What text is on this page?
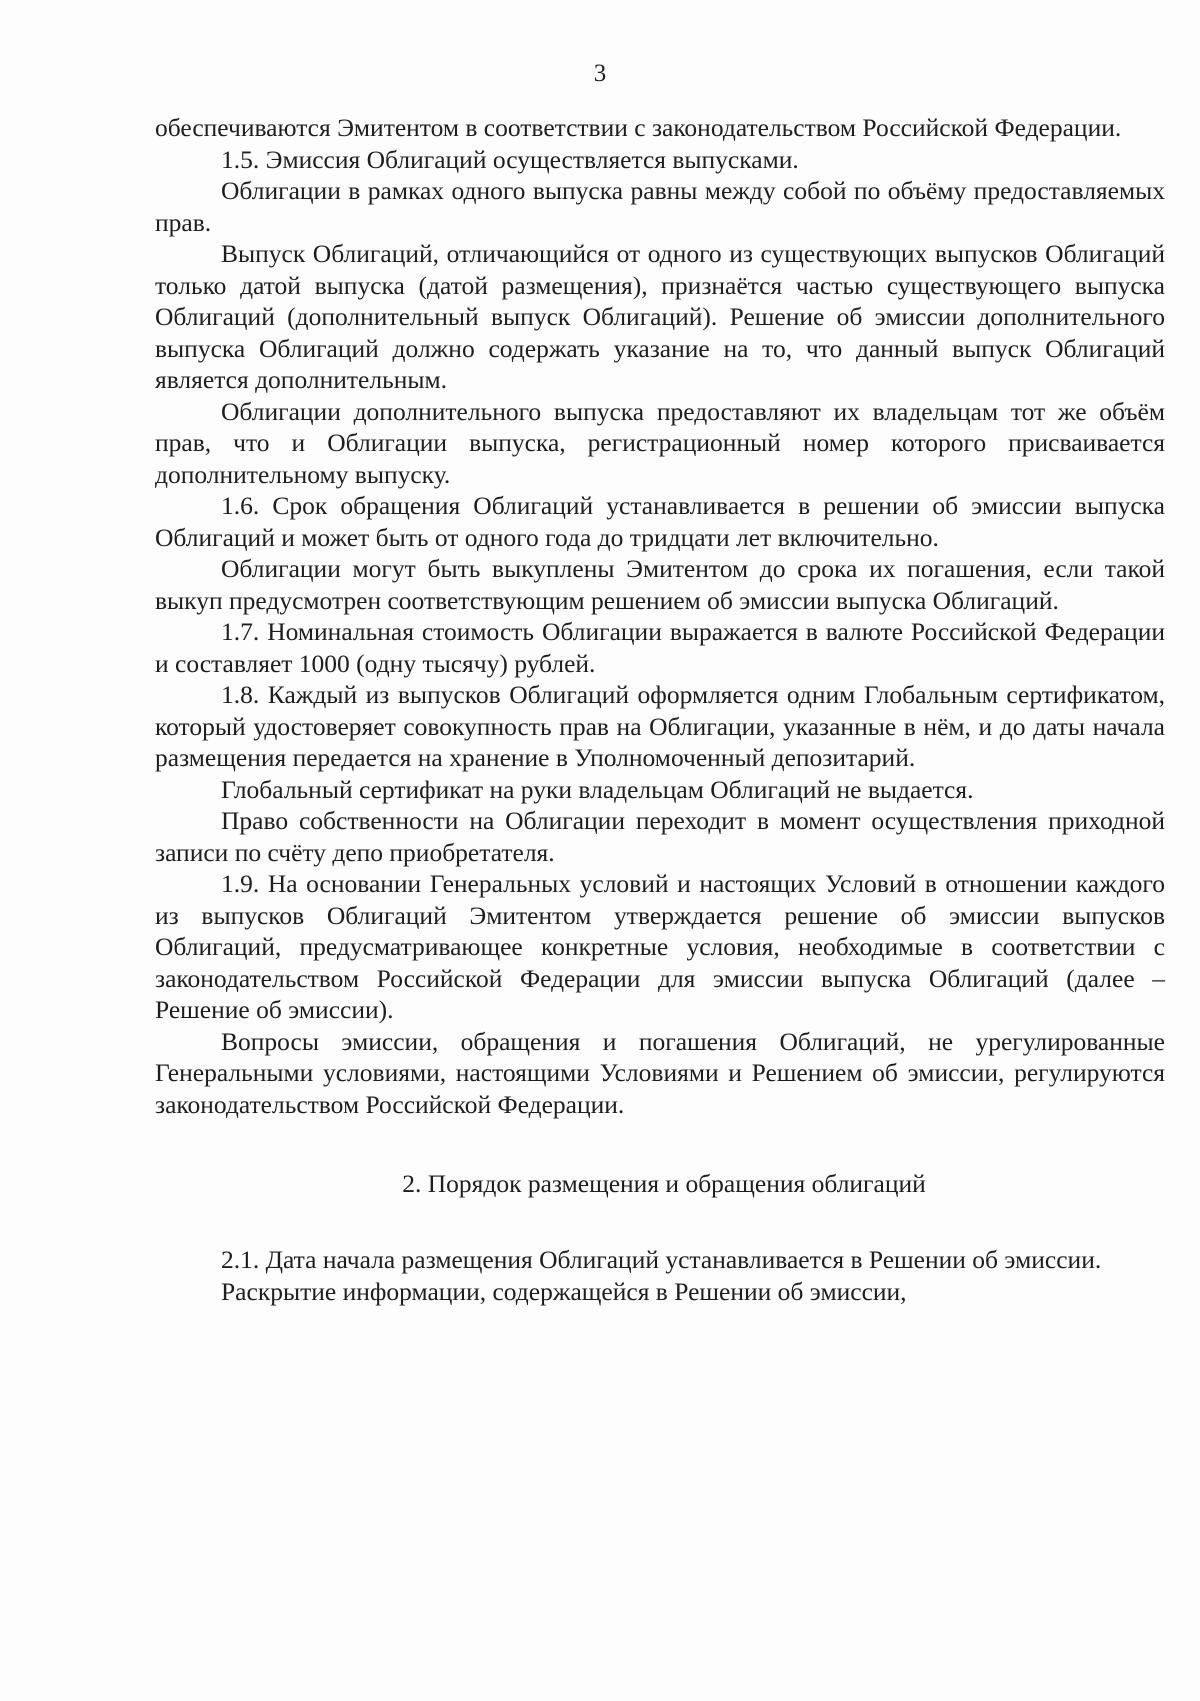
3

обеспечиваются Эмитентом в соответствии с законодательством Российской Федерации.

1.5. Эмиссия Облигаций осуществляется выпусками.

Облигации в рамках одного выпуска равны между собой по объёму предоставляемых прав.

Выпуск Облигаций, отличающийся от одного из существующих выпусков Облигаций только датой выпуска (датой размещения), признаётся частью существующего выпуска Облигаций (дополнительный выпуск Облигаций). Решение об эмиссии дополнительного выпуска Облигаций должно содержать указание на то, что данный выпуск Облигаций является дополнительным.

Облигации дополнительного выпуска предоставляют их владельцам тот же объём прав, что и Облигации выпуска, регистрационный номер которого присваивается дополнительному выпуску.

1.6. Срок обращения Облигаций устанавливается в решении об эмиссии выпуска Облигаций и может быть от одного года до тридцати лет включительно.

Облигации могут быть выкуплены Эмитентом до срока их погашения, если такой выкуп предусмотрен соответствующим решением об эмиссии выпуска Облигаций.

1.7. Номинальная стоимость Облигации выражается в валюте Российской Федерации и составляет 1000 (одну тысячу) рублей.

1.8. Каждый из выпусков Облигаций оформляется одним Глобальным сертификатом, который удостоверяет совокупность прав на Облигации, указанные в нём, и до даты начала размещения передается на хранение в Уполномоченный депозитарий.

Глобальный сертификат на руки владельцам Облигаций не выдается.

Право собственности на Облигации переходит в момент осуществления приходной записи по счёту депо приобретателя.

1.9. На основании Генеральных условий и настоящих Условий в отношении каждого из выпусков Облигаций Эмитентом утверждается решение об эмиссии выпусков Облигаций, предусматривающее конкретные условия, необходимые в соответствии с законодательством Российской Федерации для эмиссии выпуска Облигаций (далее – Решение об эмиссии).

Вопросы эмиссии, обращения и погашения Облигаций, не урегулированные Генеральными условиями, настоящими Условиями и Решением об эмиссии, регулируются законодательством Российской Федерации.

2. Порядок размещения и обращения облигаций

2.1. Дата начала размещения Облигаций устанавливается в Решении об эмиссии.

Раскрытие информации, содержащейся в Решении об эмиссии,
